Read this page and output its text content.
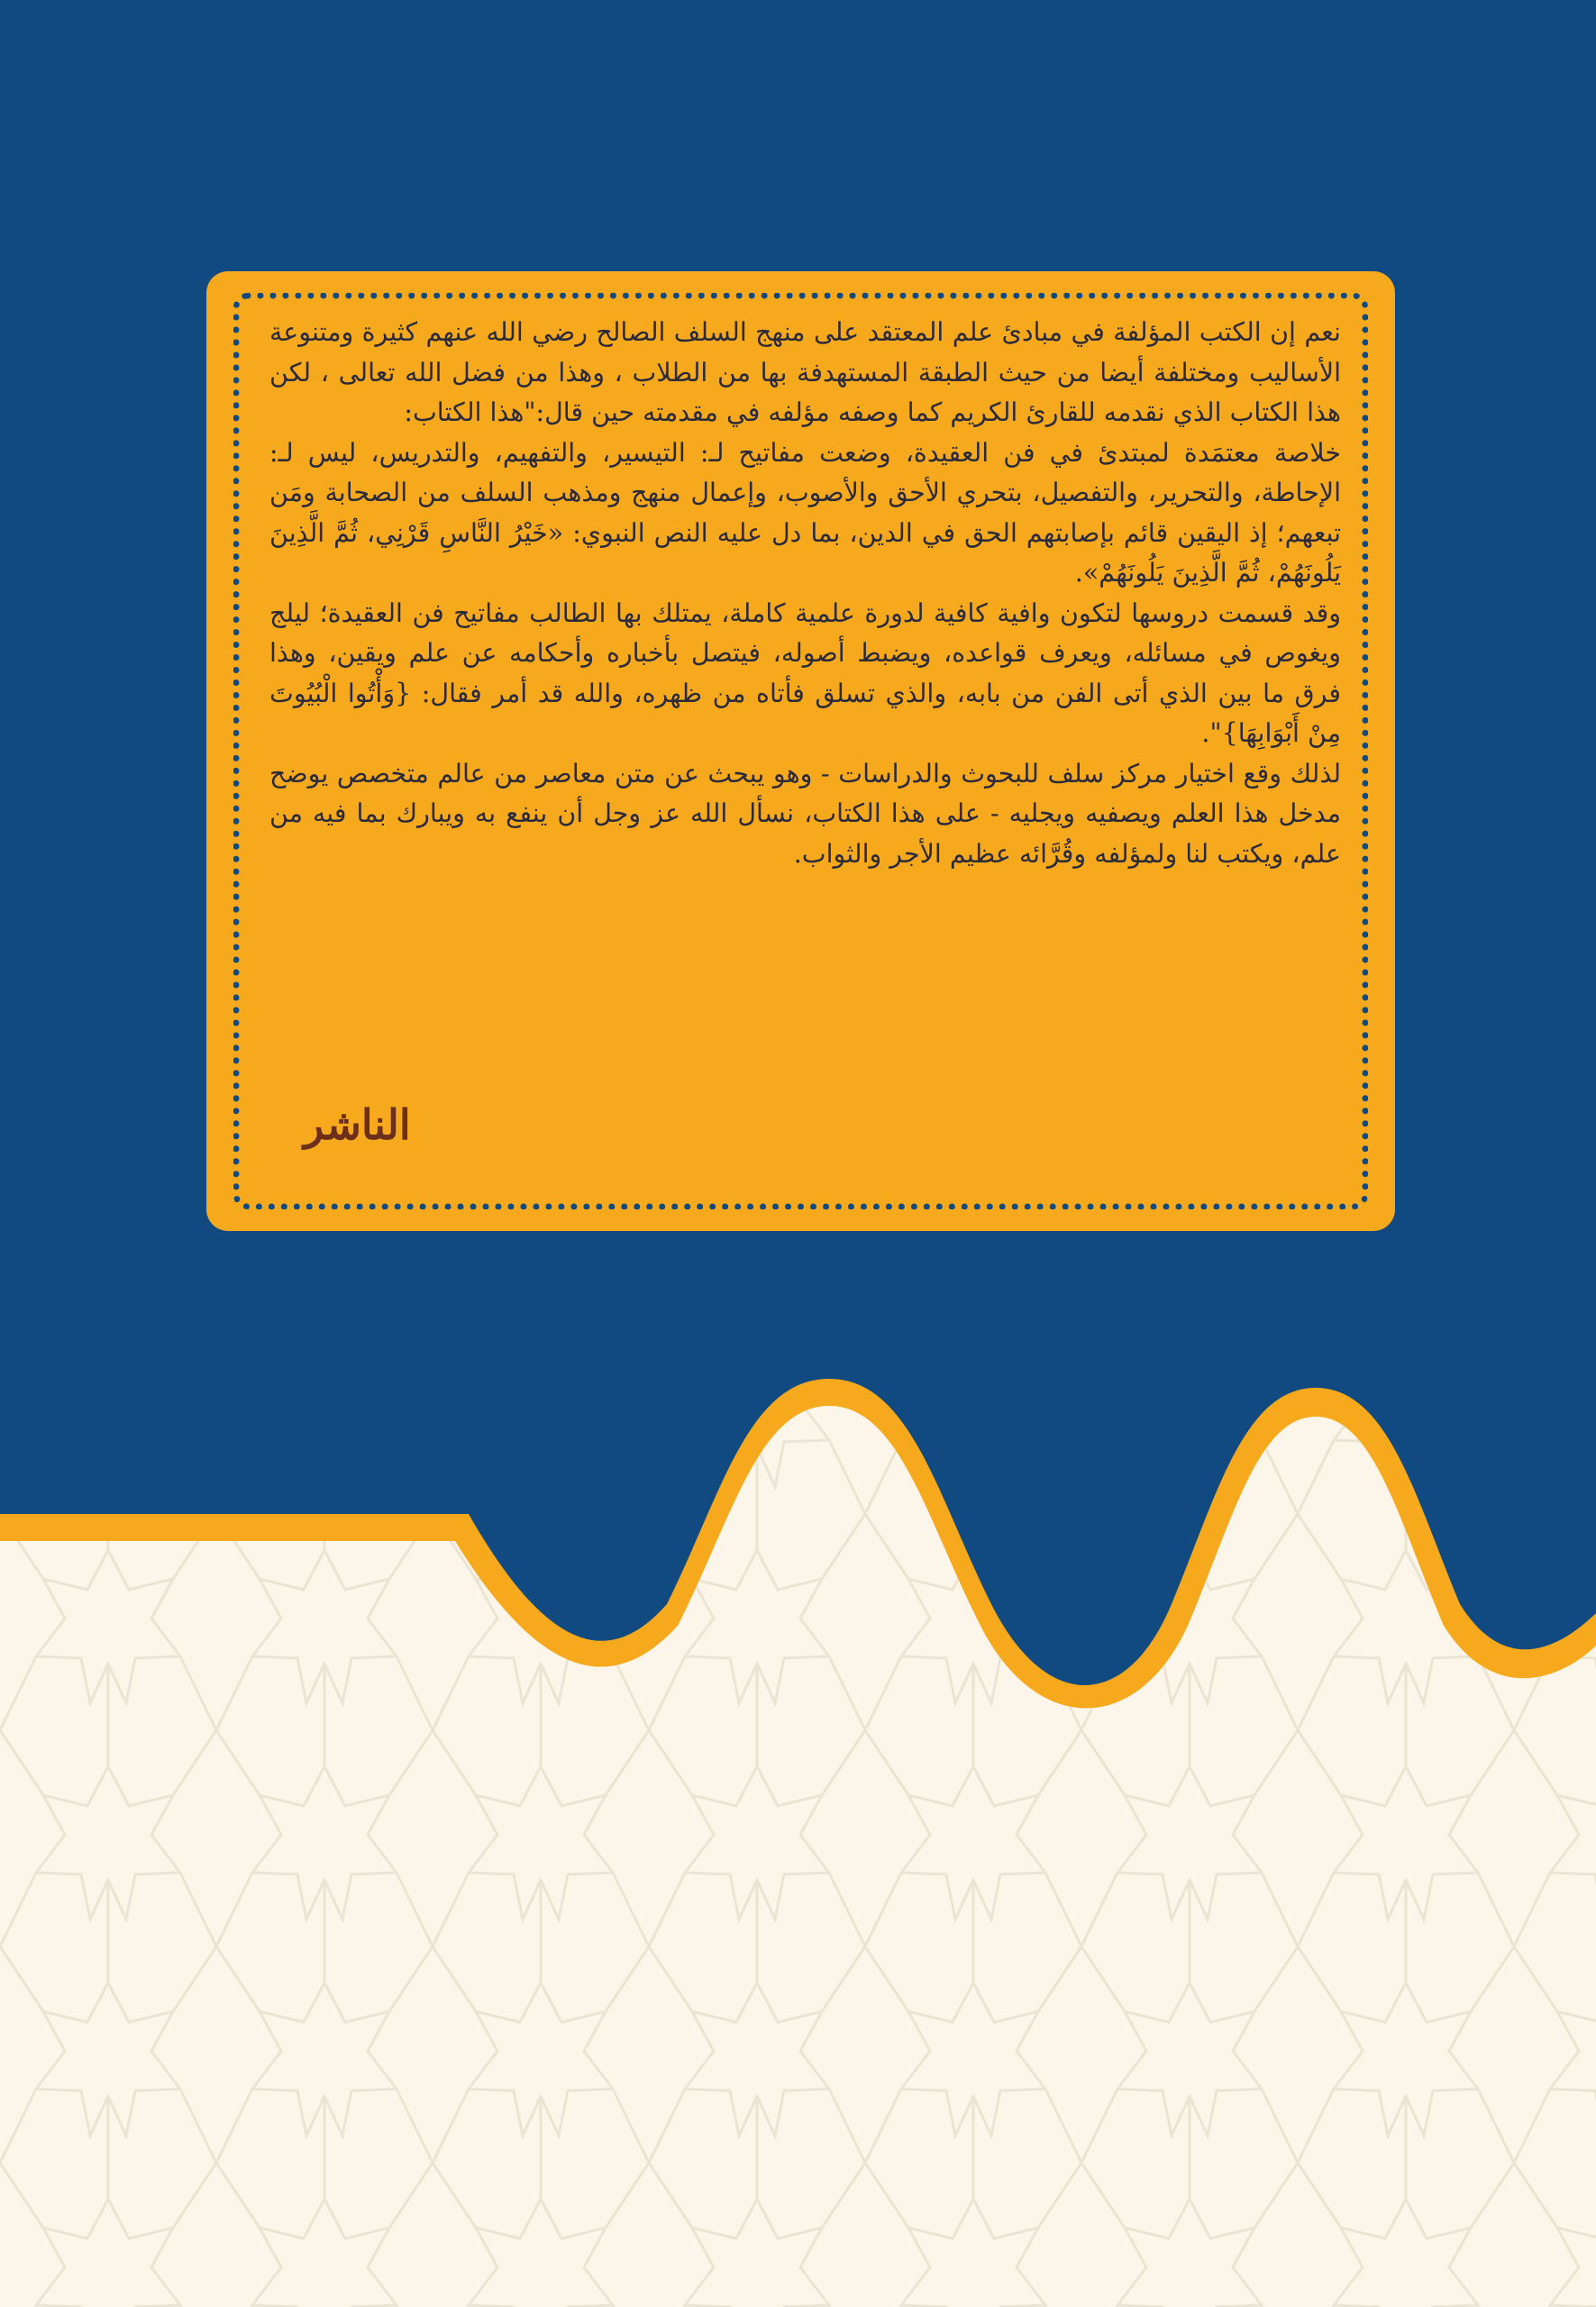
نعم إن الكتب المؤلفة في مبادئ علم المعتقد على منهج السلف الصالح رضي الله عنهم كثيرة ومتنوعة الأساليب ومختلفة أيضا من حيث الطبقة المستهدفة بها من الطلاب ، وهذا من فضل الله تعالى ، لكن هذا الكتاب الذي نقدمه للقارئ الكريم كما وصفه مؤلفه في مقدمته حين قال:"هذا الكتاب:

خلاصة معتمَدة لمبتدئ في فن العقيدة، وضعت مفاتيح لـ: التيسير، والتفهيم، والتدريس، ليس لـ: الإحاطة، والتحرير، والتفصيل، بتحري الأحق والأصوب، وإعمال منهج ومذهب السلف من الصحابة ومَن تبعهم؛ إذ اليقين قائم بإصابتهم الحق في الدين، بما دل عليه النص النبوي: «خَيْرُ النَّاسِ قَرْنِي، ثُمَّ الَّذِينَ يَلُونَهُمْ، ثُمَّ الَّذِينَ يَلُونَهُمْ».

وقد قسمت دروسها لتكون وافية كافية لدورة علمية كاملة، يمتلك بها الطالب مفاتيح فن العقيدة؛ ليلج ويغوص في مسائله، ويعرف قواعده، ويضبط أصوله، فيتصل بأخباره وأحكامه عن علم ويقين، وهذا فرق ما بين الذي أتى الفن من بابه، والذي تسلق فأتاه من ظهره، والله قد أمر فقال: {وَأْتُوا الْبُيُوتَ مِنْ أَبْوَابِهَا}".

لذلك وقع اختيار مركز سلف للبحوث والدراسات - وهو يبحث عن متن معاصر من عالم متخصص يوضح مدخل هذا العلم ويصفيه ويجليه - على هذا الكتاب، نسأل الله عز وجل أن ينفع به ويبارك بما فيه من علم، ويكتب لنا ولمؤلفه وقُرَّائه عظيم الأجر والثواب.

الناشر
